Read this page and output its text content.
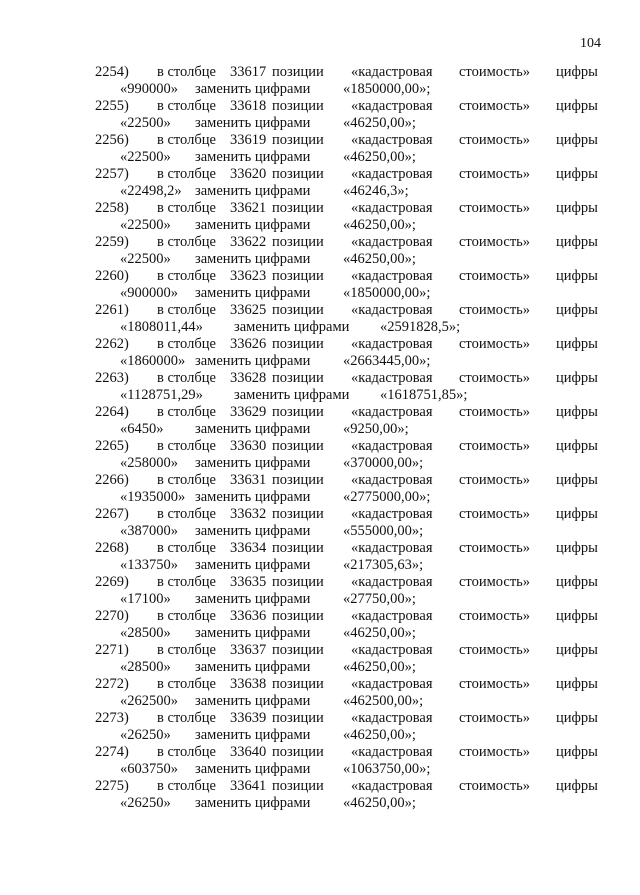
104
2254) в столбце 33617 позиции «кадастровая стоимость» цифры
«990000» заменить цифрами «1850000,00»;
2255) в столбце 33618 позиции «кадастровая стоимость» цифры
«22500» заменить цифрами «46250,00»;
2256) в столбце 33619 позиции «кадастровая стоимость» цифры
«22500» заменить цифрами «46250,00»;
2257) в столбце 33620 позиции «кадастровая стоимость» цифры
«22498,2» заменить цифрами «46246,3»;
2258) в столбце 33621 позиции «кадастровая стоимость» цифры
«22500» заменить цифрами «46250,00»;
2259) в столбце 33622 позиции «кадастровая стоимость» цифры
«22500» заменить цифрами «46250,00»;
2260) в столбце 33623 позиции «кадастровая стоимость» цифры
«900000» заменить цифрами «1850000,00»;
2261) в столбце 33625 позиции «кадастровая стоимость» цифры
«1808011,44» заменить цифрами «2591828,5»;
2262) в столбце 33626 позиции «кадастровая стоимость» цифры
«1860000» заменить цифрами «2663445,00»;
2263) в столбце 33628 позиции «кадастровая стоимость» цифры
«1128751,29» заменить цифрами «1618751,85»;
2264) в столбце 33629 позиции «кадастровая стоимость» цифры
«6450» заменить цифрами «9250,00»;
2265) в столбце 33630 позиции «кадастровая стоимость» цифры
«258000» заменить цифрами «370000,00»;
2266) в столбце 33631 позиции «кадастровая стоимость» цифры
«1935000» заменить цифрами «2775000,00»;
2267) в столбце 33632 позиции «кадастровая стоимость» цифры
«387000» заменить цифрами «555000,00»;
2268) в столбце 33634 позиции «кадастровая стоимость» цифры
«133750» заменить цифрами «217305,63»;
2269) в столбце 33635 позиции «кадастровая стоимость» цифры
«17100» заменить цифрами «27750,00»;
2270) в столбце 33636 позиции «кадастровая стоимость» цифры
«28500» заменить цифрами «46250,00»;
2271) в столбце 33637 позиции «кадастровая стоимость» цифры
«28500» заменить цифрами «46250,00»;
2272) в столбце 33638 позиции «кадастровая стоимость» цифры
«262500» заменить цифрами «462500,00»;
2273) в столбце 33639 позиции «кадастровая стоимость» цифры
«26250» заменить цифрами «46250,00»;
2274) в столбце 33640 позиции «кадастровая стоимость» цифры
«603750» заменить цифрами «1063750,00»;
2275) в столбце 33641 позиции «кадастровая стоимость» цифры
«26250» заменить цифрами «46250,00»;
